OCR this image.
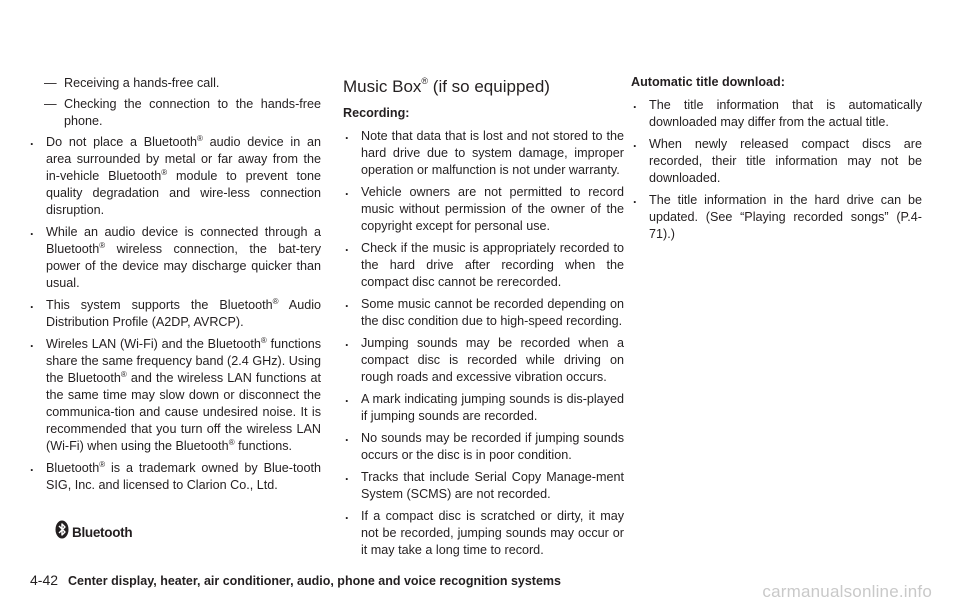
— Receiving a hands-free call.
— Checking the connection to the hands-free phone.
. Do not place a Bluetooth® audio device in an area surrounded by metal or far away from the in-vehicle Bluetooth® module to prevent tone quality degradation and wire-less connection disruption.
. While an audio device is connected through a Bluetooth® wireless connection, the bat-tery power of the device may discharge quicker than usual.
. This system supports the Bluetooth® Audio Distribution Profile (A2DP, AVRCP).
. Wireles LAN (Wi-Fi) and the Bluetooth® functions share the same frequency band (2.4 GHz). Using the Bluetooth® and the wireless LAN functions at the same time may slow down or disconnect the communica-tion and cause undesired noise. It is recommended that you turn off the wireless LAN (Wi-Fi) when using the Bluetooth® functions.
. Bluetooth® is a trademark owned by Blue-tooth SIG, Inc. and licensed to Clarion Co., Ltd.
Bluetooth
Music Box® (if so equipped)
Recording:
. Note that data that is lost and not stored to the hard drive due to system damage, improper operation or malfunction is not under warranty.
. Vehicle owners are not permitted to record music without permission of the owner of the copyright except for personal use.
. Check if the music is appropriately recorded to the hard drive after recording when the compact disc cannot be rerecorded.
. Some music cannot be recorded depending on the disc condition due to high-speed recording.
. Jumping sounds may be recorded when a compact disc is recorded while driving on rough roads and excessive vibration occurs.
. A mark indicating jumping sounds is dis-played if jumping sounds are recorded.
. No sounds may be recorded if jumping sounds occurs or the disc is in poor condition.
. Tracks that include Serial Copy Manage-ment System (SCMS) are not recorded.
. If a compact disc is scratched or dirty, it may not be recorded, jumping sounds may occur or it may take a long time to record.
Automatic title download:
. The title information that is automatically downloaded may differ from the actual title.
. When newly released compact discs are recorded, their title information may not be downloaded.
. The title information in the hard drive can be updated. (See “Playing recorded songs” (P.4-71).)
4-42 Center display, heater, air conditioner, audio, phone and voice recognition systems
carmanualsonline.info
